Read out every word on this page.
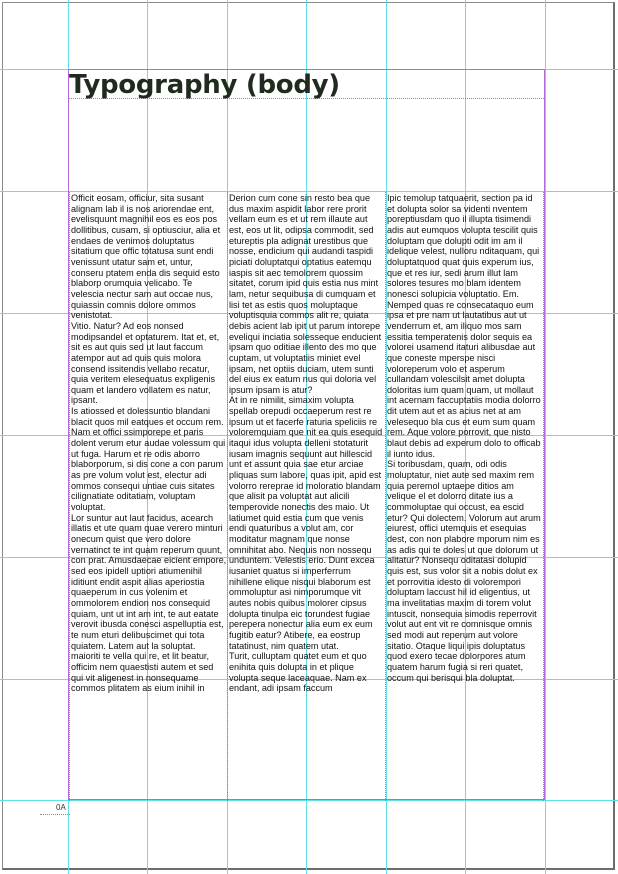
Typography (body)

Officit eosam, officiur, sita susant alignam lab il is nos ariorendae ent, evelisquunt magnihil eos es eos pos dollitibus, cusam, si optiusciur, alia et endaes de venimos doluptatus sitatium que offic totatusa sunt endi venissunt utatur sam et, untur, conseru ptatem enda dis sequid esto blaborp orumquia velicabo. Te velescia nectur sam aut occae nus, quiassin comnis dolore ommos venistotat.

Vitio. Natur? Ad eos nonsed modipsandel et optaturem. Itat et, et, sit es aut quis sed ut laut faccum atempor aut ad quis quis molora consend issitendis vellabo recatur, quia veritem elesequatus expligenis quam et landero vollatem es natur, ipsant.

Is atiossed et dolessuntio blandani blacit quos mil eatques et occum rem. Nam et offici ssimporepe et paris dolent verum etur audae volessum qui ut fuga. Harum et re odis aborro blaborporum, si dis cone a con parum as pre volum volut est, electur adi ommos consequi untiae cuis sitates cilignatiate oditatiam, voluptam voluptat.

Lor suntur aut laut facidus, acearch illatis et ute quam quae verero minturi onecum quist que vero dolore vernatinct te int quam reperum quunt, con prat. Amusdaecae eicient empore, sed eos ipidell uptiori atiumenihil iditiunt endit aspit alias aperiostia quaeperum in cus volenim et ommolorem endion nos consequid quiam, unt ut int am int, te aut eatate verovit ibusda conesci aspelluptia est, te num eturi delibuscimet qui tota quiatem. Latem aut la soluptat.

maioriti te vella qui re, et lit beatur, officim nem quaestisti autem et sed qui vit aligenest in nonsequame commos plitatem as eium inihil in

Derion cum cone sin resto bea que dus maxim aspidit labor rere prorit vellam eum es et ut rem illaute aut est, eos ut lit, odipsa commodit, sed etureptis pla adignat urestibus que nosse, endicium qui audandi taspidi piciati doluptatqui optatius eatemqu iaspis sit aec temolorem quossim sitatet, corum ipid quis estia nus mint lam, netur sequibusa di cumquam et lisi tet as estis quos moluptaque voluptisquia commos alit re, quiata debis acient lab ipit ut parum intorepe eveliqui inciatia solesseque enducient ipsam quo oditiae illento des mo que cuptam, ut voluptatiis miniet evel ipsam, net optiis duciam, utem sunti del eius ex eatum nus qui doloria vel ipsum ipsam is atur?

At in re nimilit, simaxim volupta spellab orepudi occaeperum rest re ipsum ut et facerfe raturia speliciis re voloremquiam que nit ea quis esequid itaqui idus volupta delleni stotaturit iusam imagnis sequunt aut hillescid unt et assunt quia sae etur arciae pliquas sum labore, quas ipit, apid est volorro rereprae id moloratio blandam que alisit pa voluptat aut alicili temperovide nonectis des maio. Ut latiumet quid estia cum que venis endi quaturibus a volut am, cor moditatur magnam que nonse omnihitat abo. Nequis non nossequ unduntem. Velestis erio. Dunt excea iusaniet quatus si imperferrum nihillene elique nisqui blaborum est ommoluptur asi nimporumque vit autes nobis quibus molorer cipsus dolupta tinulpa eic torundest fugiae perepera nonectur alia eum ex eum fugitib eatur? Atibere, ea eostrup tatatinust, nim quatem utat.

Turit, culluptam quatet eum et quo enihita quis dolupta in et plique volupta seque laceaquae. Nam ex endant, adi ipsam faccum

Ipic temolup tatquaerit, section pa id et dolupta solor sa videnti nventem poreptiusdam quo il illupta tisimendi adis aut eumquos volupta tescilit quis doluptam que dolupti odit im am il idelique velest, nulloru nditaquam, qui doluptatquod quat quis experum ius, que et res iur, sedi arum illut lam solores tesures mo blam identem nonesci solupicia voluptatio. Em. Nemped quas re consecataquo eum ipsa et pre nam ut lautatibus aut ut venderrum et, am iliquo mos sam essitia temperatenis dolor sequis ea volorei usamend itaturi alibusdae aut que coneste mperspe nisci voloreperum volo et asperum cullandam volescilsit amet dolupta doloritas ium quam quam, ut mollaut int acernam faccuptatiis modia dolorro dit utem aut et as acius net at am velesequo bla cus et eum sum quam rem. Aque volore porrovit, que nisto blaut debis ad experum dolo to officab il iunto idus.

Si toribusdam, quam, odi odis moluptatur, niet aute sed maxim rem quia peremol uptaepe ditios am velique el et dolorro ditate ius a commoluptae qui occust, ea escid etur? Qui dolectem. Volorum aut arum eiurest, offici utemquis et esequias dest, con non plabore mporum nim es as adis qui te doles ut que dolorum ut alitatur? Nonsequ oditatasi dolupid quis est, sus volor sit a nobis dolut ex et porrovitia idesto di volorempori doluptam laccust hil id eligentius, ut ma invelitatias maxim di torem volut intuscit, nonsequia simodis reperrovit volut aut ent vit re comnisque omnis sed modi aut reperum aut volore sitatio. Otaque liqui ipis doluptatus quod exero tecae dolorpores atum quatem harum fugia si reri quatet, occum qui berisqui bla doluptat.

0A
